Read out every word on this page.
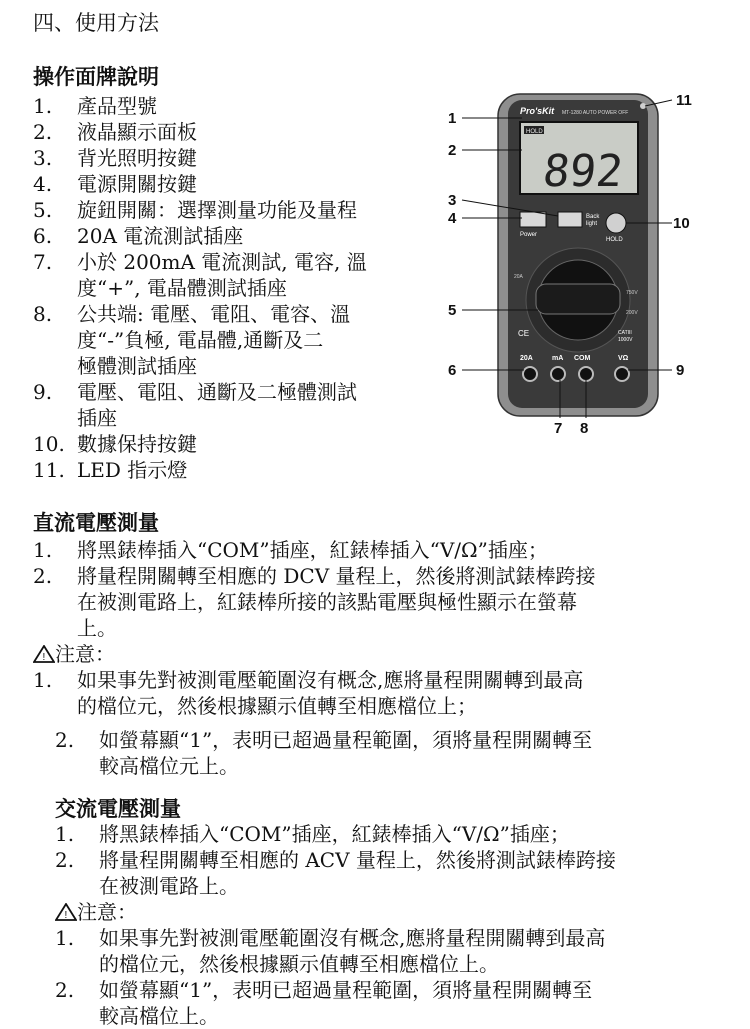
四、使用方法
操作面牌說明
1. 產品型號
2. 液晶顯示面板
3. 背光照明按鍵
4. 電源開關按鍵
5. 旋鈕開關：選擇測量功能及量程
6. 20A 電流測試插座
7. 小於 200mA 電流測試, 電容, 溫
度“+”, 電晶體測試插座
8. 公共端: 電壓、電阻、電容、溫
度“-”負極, 電晶體,通斷及二
極體測試插座
9. 電壓、電阻、通斷及二極體測試
插座
10. 數據保持按鍵
11. LED 指示燈
Pro'sKit MT-1280 AUTO POWER OFF
HOLD
892
Back
light
Power
HOLD
20A
750V
200V
CATIII
1000V
CE
20A	mA COM	VΩ
1
2
3
4
5
6
7 8
9
10
11
直流電壓測量
1. 將黑錶棒插入“COM”插座，紅錶棒插入“V/Ω”插座；
2. 將量程開關轉至相應的 DCV 量程上，然後將測試錶棒跨接
在被測電路上，紅錶棒所接的該點電壓與極性顯示在螢幕
上。
! 注意：
1. 如果事先對被測電壓範圍沒有概念,應將量程開關轉到最高
的檔位元，然後根據顯示值轉至相應檔位上；
2. 如螢幕顯“1”，表明已超過量程範圍，須將量程開關轉至
較高檔位元上。
交流電壓測量
1. 將黑錶棒插入“COM”插座，紅錶棒插入“V/Ω”插座；
2. 將量程開關轉至相應的 ACV 量程上，然後將測試錶棒跨接
在被測電路上。
! 注意：
1. 如果事先對被測電壓範圍沒有概念,應將量程開關轉到最高
的檔位元，然後根據顯示值轉至相應檔位上。
2. 如螢幕顯“1”，表明已超過量程範圍，須將量程開關轉至
較高檔位上。
